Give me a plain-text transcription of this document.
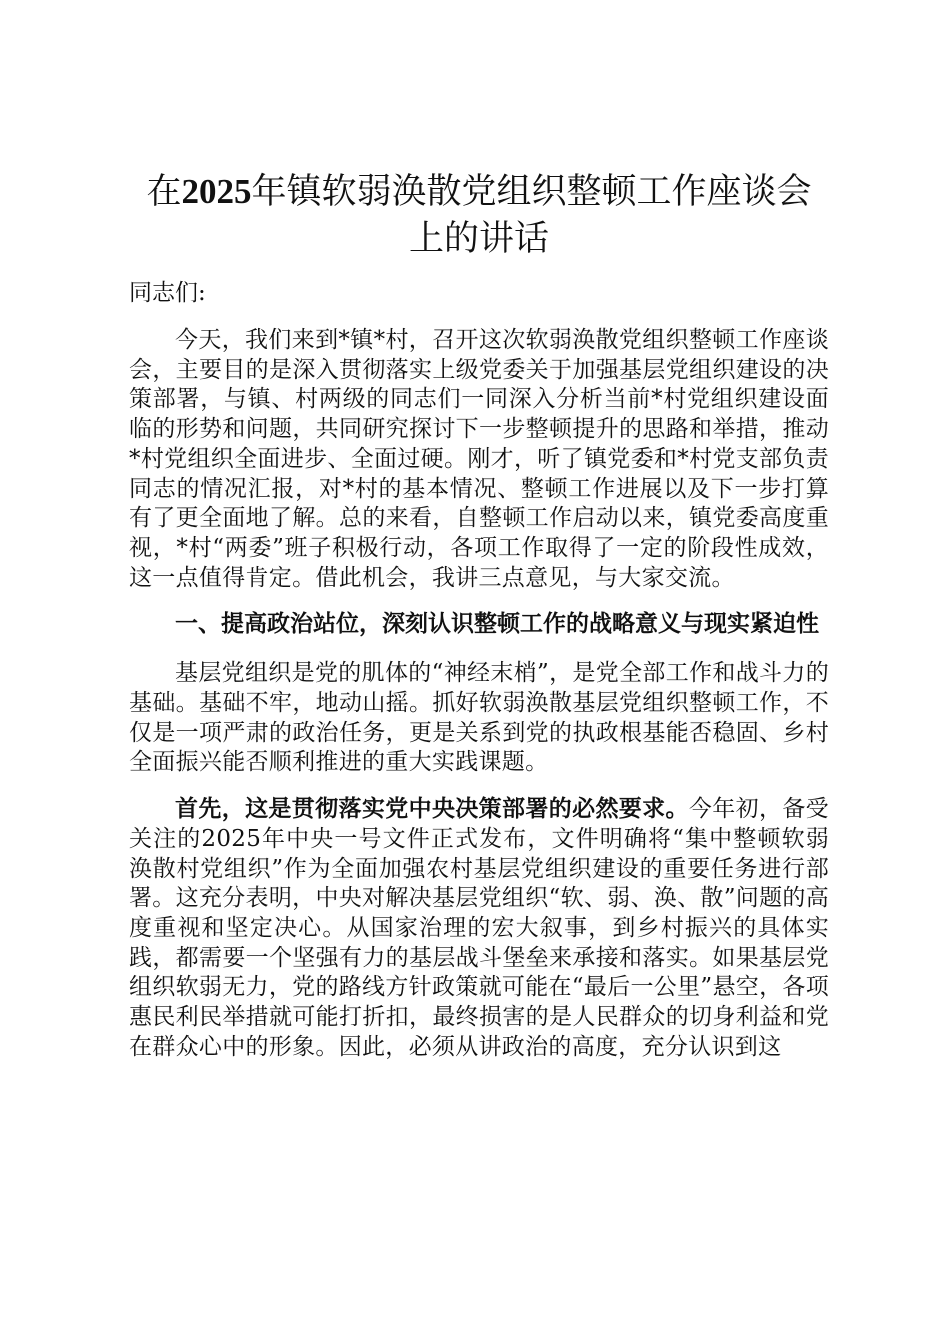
在2025年镇软弱涣散党组织整顿工作座谈会
上的讲话
同志们:

今天，我们来到*镇*村，召开这次软弱涣散党组织整顿工作座谈会，主要目的是深入贯彻落实上级党委关于加强基层党组织建设的决策部署，与镇、村两级的同志们一同深入分析当前*村党组织建设面临的形势和问题，共同研究探讨下一步整顿提升的思路和举措，推动*村党组织全面进步、全面过硬。刚才，听了镇党委和*村党支部负责同志的情况汇报，对*村的基本情况、整顿工作进展以及下一步打算有了更全面地了解。总的来看，自整顿工作启动以来，镇党委高度重视，*村“两委”班子积极行动，各项工作取得了一定的阶段性成效，这一点值得肯定。借此机会，我讲三点意见，与大家交流。

一、提高政治站位，深刻认识整顿工作的战略意义与现实紧迫性

基层党组织是党的肌体的“神经末梢”，是党全部工作和战斗力的基础。基础不牢，地动山摇。抓好软弱涣散基层党组织整顿工作，不仅是一项严肃的政治任务，更是关系到党的执政根基能否稳固、乡村全面振兴能否顺利推进的重大实践课题。

首先，这是贯彻落实党中央决策部署的必然要求。今年初，备受关注的2025年中央一号文件正式发布，文件明确将“集中整顿软弱涣散村党组织”作为全面加强农村基层党组织建设的重要任务进行部署。这充分表明，中央对解决基层党组织“软、弱、涣、散”问题的高度重视和坚定决心。从国家治理的宏大叙事，到乡村振兴的具体实践，都需要一个坚强有力的基层战斗堡垒来承接和落实。如果基层党组织软弱无力，党的路线方针政策就可能在“最后一公里”悬空，各项惠民利民举措就可能打折扣，最终损害的是人民群众的切身利益和党在群众心中的形象。因此，必须从讲政治的高度，充分认识到这
